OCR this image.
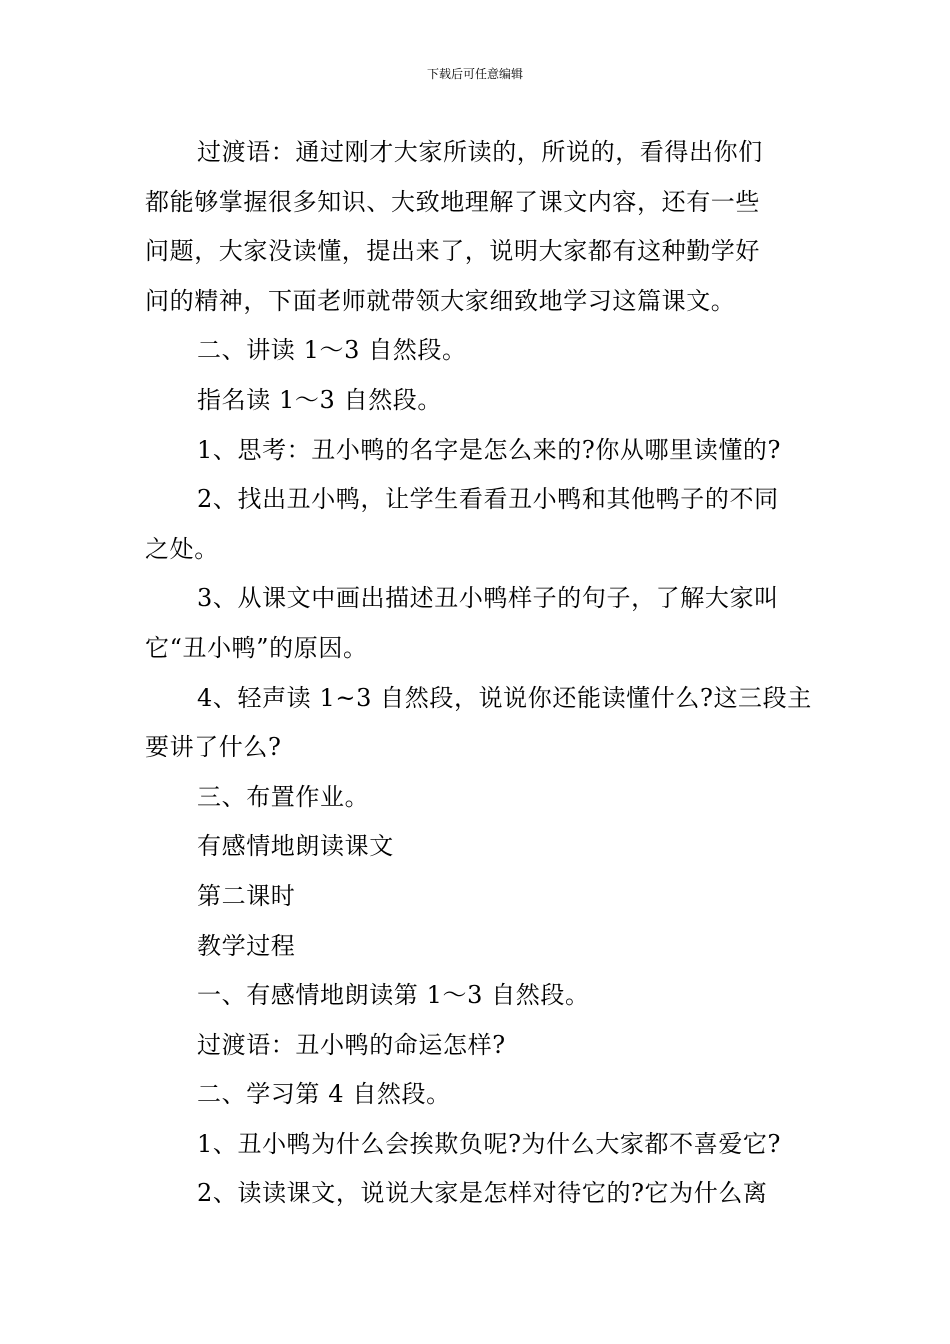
下载后可任意编辑

过渡语：通过刚才大家所读的，所说的，看得出你们

都能够掌握很多知识、大致地理解了课文内容，还有一些

问题，大家没读懂，提出来了，说明大家都有这种勤学好

问的精神，下面老师就带领大家细致地学习这篇课文。

二、讲读 1～3 自然段。

指名读 1～3 自然段。

1、思考：丑小鸭的名字是怎么来的?你从哪里读懂的?

2、找出丑小鸭，让学生看看丑小鸭和其他鸭子的不同

之处。

3、从课文中画出描述丑小鸭样子的句子，了解大家叫

它“丑小鸭”的原因。

4、轻声读 1~3 自然段，说说你还能读懂什么?这三段主

要讲了什么?

三、布置作业。

有感情地朗读课文

第二课时

教学过程

一、有感情地朗读第 1～3 自然段。

过渡语：丑小鸭的命运怎样?

二、学习第 4 自然段。

1、丑小鸭为什么会挨欺负呢?为什么大家都不喜爱它?

2、读读课文，说说大家是怎样对待它的?它为什么离
